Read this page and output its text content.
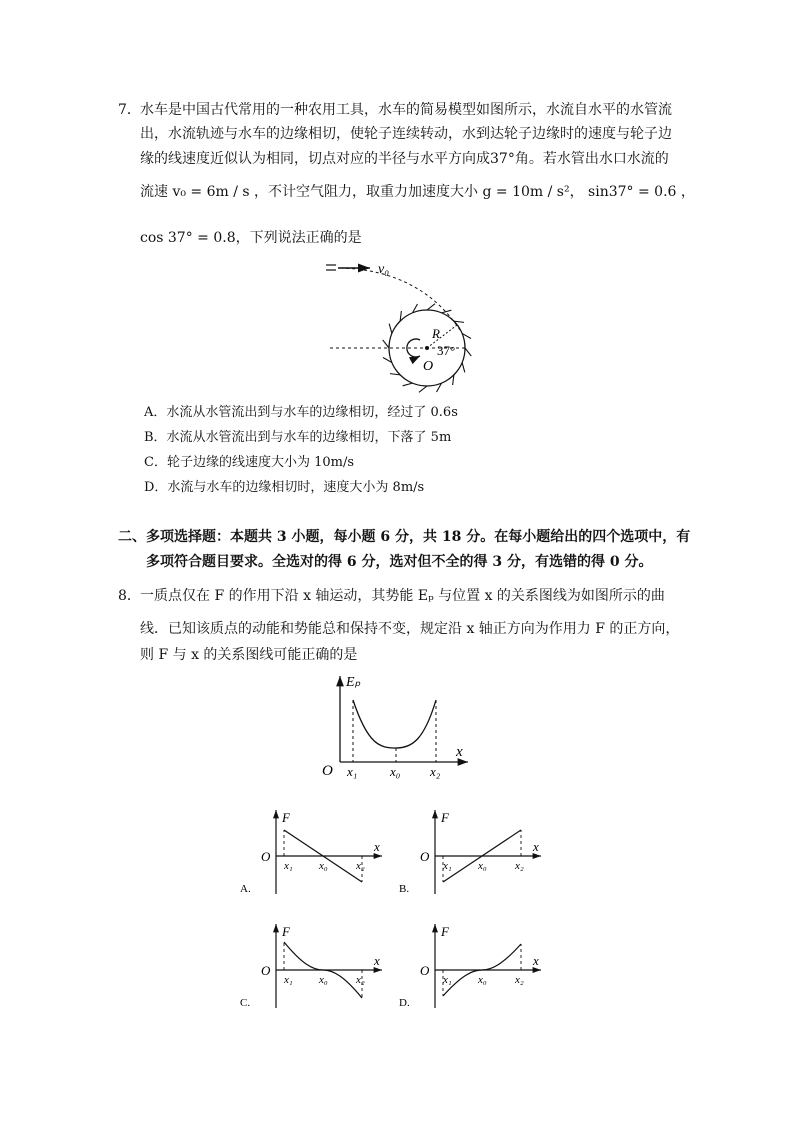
7． 水车是中国古代常用的一种农用工具，水车的简易模型如图所示，水流自水平的水管流
出，水流轨迹与水车的边缘相切，使轮子连续转动，水到达轮子边缘时的速度与轮子边
缘的线速度近似认为相同，切点对应的半径与水平方向成37°角。若水管出水口水流的
流速 v₀ = 6m / s ，不计空气阻力，取重力加速度大小 g = 10m / s²， sin37° = 0.6 ，
cos 37° = 0.8，下列说法正确的是
v₀
R
37°
O
A．水流从水管流出到与水车的边缘相切，经过了 0.6s
B．水流从水管流出到与水车的边缘相切，下落了 5m
C．轮子边缘的线速度大小为 10m/s
D．水流与水车的边缘相切时，速度大小为 8m/s
二、多项选择题：本题共 3 小题，每小题 6 分，共 18 分。在每小题给出的四个选项中，有
多项符合题目要求。全选对的得 6 分，选对但不全的得 3 分，有选错的得 0 分。
8． 一质点仅在 F 的作用下沿 x 轴运动，其势能 Eₚ 与位置 x 的关系图线为如图所示的曲
线．已知该质点的动能和势能总和保持不变，规定沿 x 轴正方向为作用力 F 的正方向，
则 F 与 x 的关系图线可能正确的是
Eₚ
x
O x₁	x₀ x₂
F
x
O
x₁ x₀	x₂
A.
F
x
O
x₁ x₀	x₂
B.
F
x
O
x₁ x₀	x₂
C.
F
x
O
x₁ x₀	x₂
D.
